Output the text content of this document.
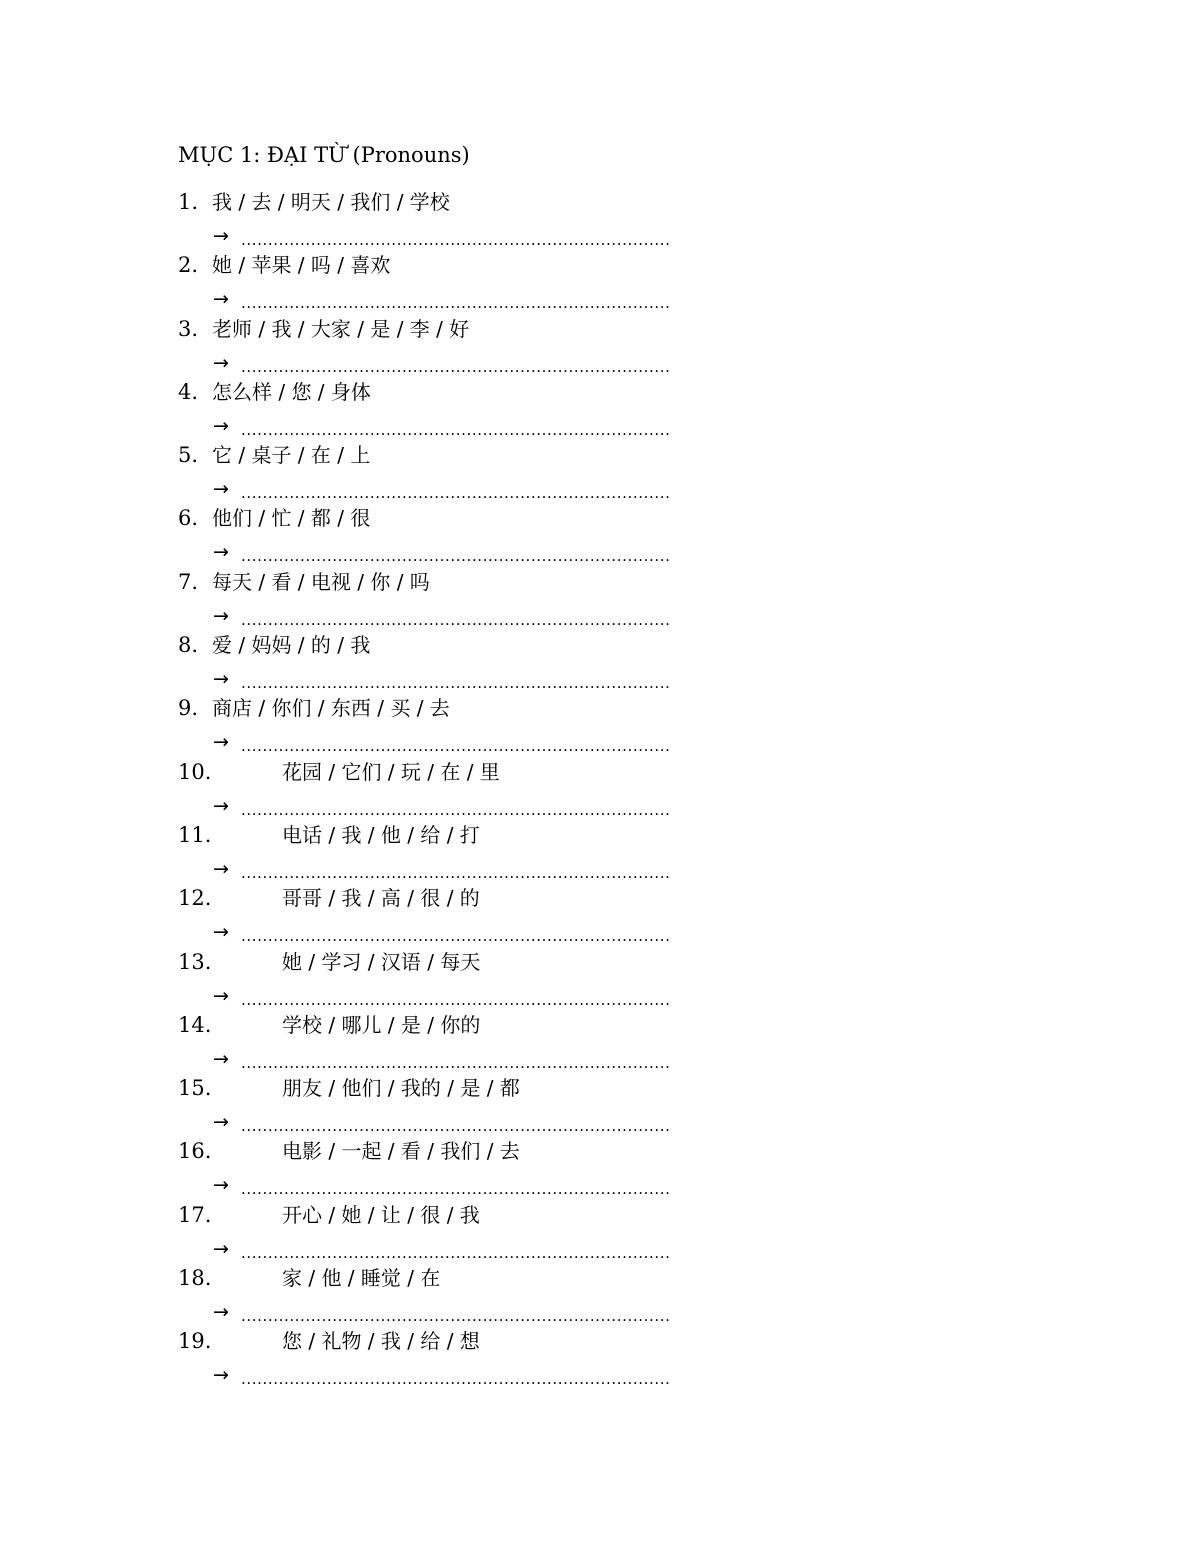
MỤC 1: ĐẠI TỪ (Pronouns)
1. 我 / 去 / 明天 / 我们 / 学校
→ ................................................................................
2. 她 / 苹果 / 吗 / 喜欢
→ ................................................................................
3. 老师 / 我 / 大家 / 是 / 李 / 好
→ ................................................................................
4. 怎么样 / 您 / 身体
→ ................................................................................
5. 它 / 桌子 / 在 / 上
→ ................................................................................
6. 他们 / 忙 / 都 / 很
→ ................................................................................
7. 每天 / 看 / 电视 / 你 / 吗
→ ................................................................................
8. 爱 / 妈妈 / 的 / 我
→ ................................................................................
9. 商店 / 你们 / 东西 / 买 / 去
→ ................................................................................
10.	花园 / 它们 / 玩 / 在 / 里
→ ................................................................................
11.	电话 / 我 / 他 / 给 / 打
→ ................................................................................
12.	哥哥 / 我 / 高 / 很 / 的
→ ................................................................................
13.	她 / 学习 / 汉语 / 每天
→ ................................................................................
14.	学校 / 哪儿 / 是 / 你的
→ ................................................................................
15.	朋友 / 他们 / 我的 / 是 / 都
→ ................................................................................
16.	电影 / 一起 / 看 / 我们 / 去
→ ................................................................................
17.	开心 / 她 / 让 / 很 / 我
→ ................................................................................
18.	家 / 他 / 睡觉 / 在
→ ................................................................................
19.	您 / 礼物 / 我 / 给 / 想
→ ................................................................................
